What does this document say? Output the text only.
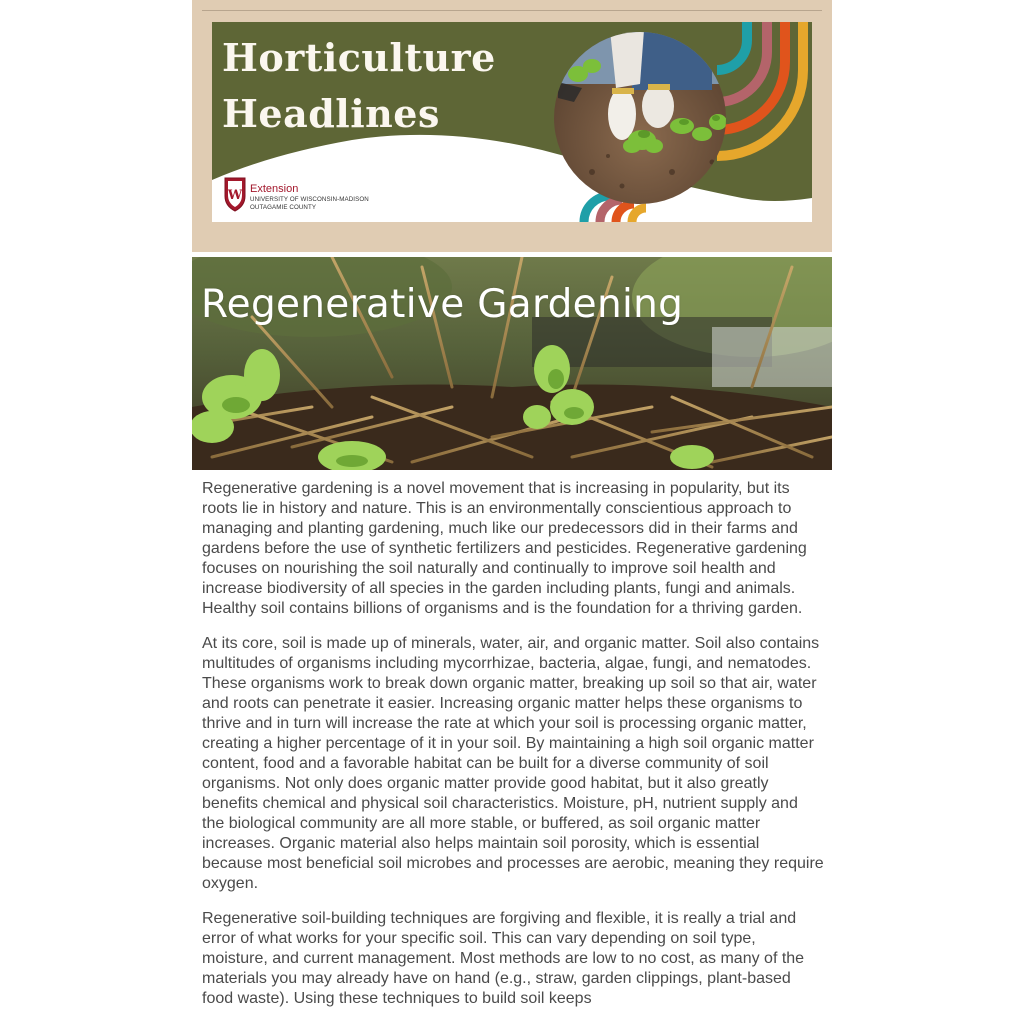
Horticulture
Headlines
W Extension
UNIVERSITY OF WISCONSIN-MADISON
OUTAGAMIE COUNTY
Regenerative Gardening

Regenerative gardening is a novel movement that is increasing in popularity, but its roots lie in history and nature. This is an environmentally conscientious approach to managing and planting gardening, much like our predecessors did in their farms and gardens before the use of synthetic fertilizers and pesticides. Regenerative gardening focuses on nourishing the soil naturally and continually to improve soil health and increase biodiversity of all species in the garden including plants, fungi and animals. Healthy soil contains billions of organisms and is the foundation for a thriving garden.

At its core, soil is made up of minerals, water, air, and organic matter. Soil also contains multitudes of organisms including mycorrhizae, bacteria, algae, fungi, and nematodes. These organisms work to break down organic matter, breaking up soil so that air, water and roots can penetrate it easier. Increasing organic matter helps these organisms to thrive and in turn will increase the rate at which your soil is processing organic matter, creating a higher percentage of it in your soil. By maintaining a high soil organic matter content, food and a favorable habitat can be built for a diverse community of soil organisms. Not only does organic matter provide good habitat, but it also greatly benefits chemical and physical soil characteristics. Moisture, pH, nutrient supply and the biological community are all more stable, or buffered, as soil organic matter increases. Organic material also helps maintain soil porosity, which is essential because most beneficial soil microbes and processes are aerobic, meaning they require oxygen.

Regenerative soil-building techniques are forgiving and flexible, it is really a trial and error of what works for your specific soil. This can vary depending on soil type, moisture, and current management. Most methods are low to no cost, as many of the materials you may already have on hand (e.g., straw, garden clippings, plant-based food waste). Using these techniques to build soil keeps
